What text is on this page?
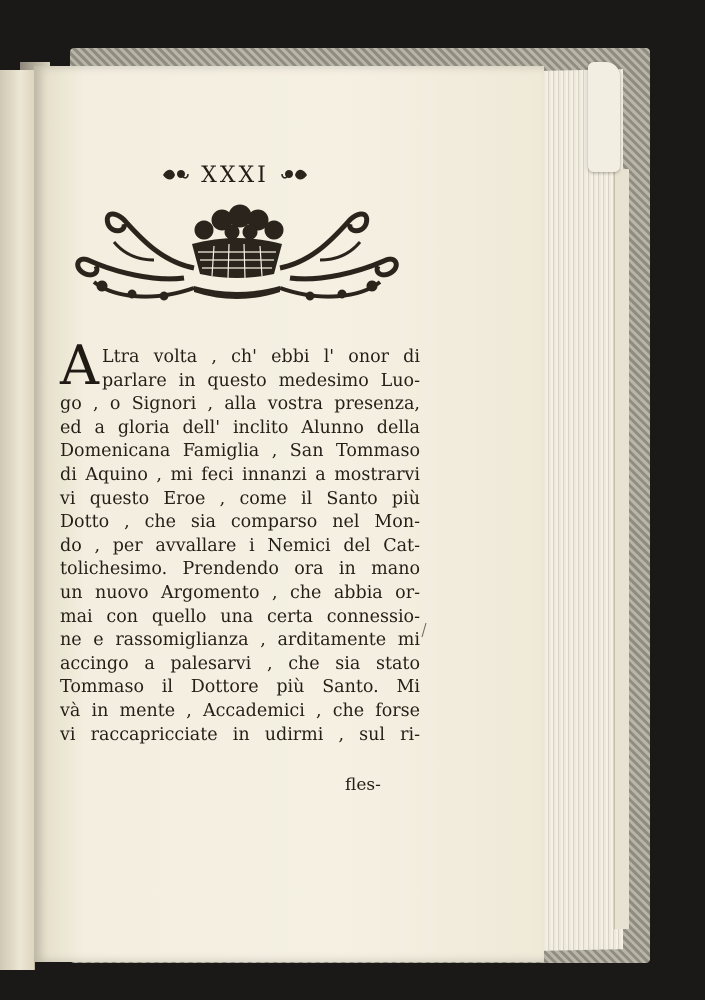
XXXI
A Ltra volta , ch' ebbi l' onor di
parlare in questo medesimo Luo-
go , o Signori , alla vostra presenza,
ed a gloria dell' inclito Alunno della
Domenicana Famiglia , San Tommaso
di Aquino , mi feci innanzi a mostrarvi
vi questo Eroe , come il Santo più
Dotto , che sia comparso nel Mon-
do , per avvallare i Nemici del Cat-
tolichesimo. Prendendo ora in mano
un nuovo Argomento , che abbia or-
mai con quello una certa connessio-
ne e rassomiglianza , arditamente mi
accingo a palesarvi , che sia stato
Tommaso il Dottore più Santo. Mi
và in mente , Accademici , che forse
vi raccapricciate in udirmi , sul ri-
fles-
